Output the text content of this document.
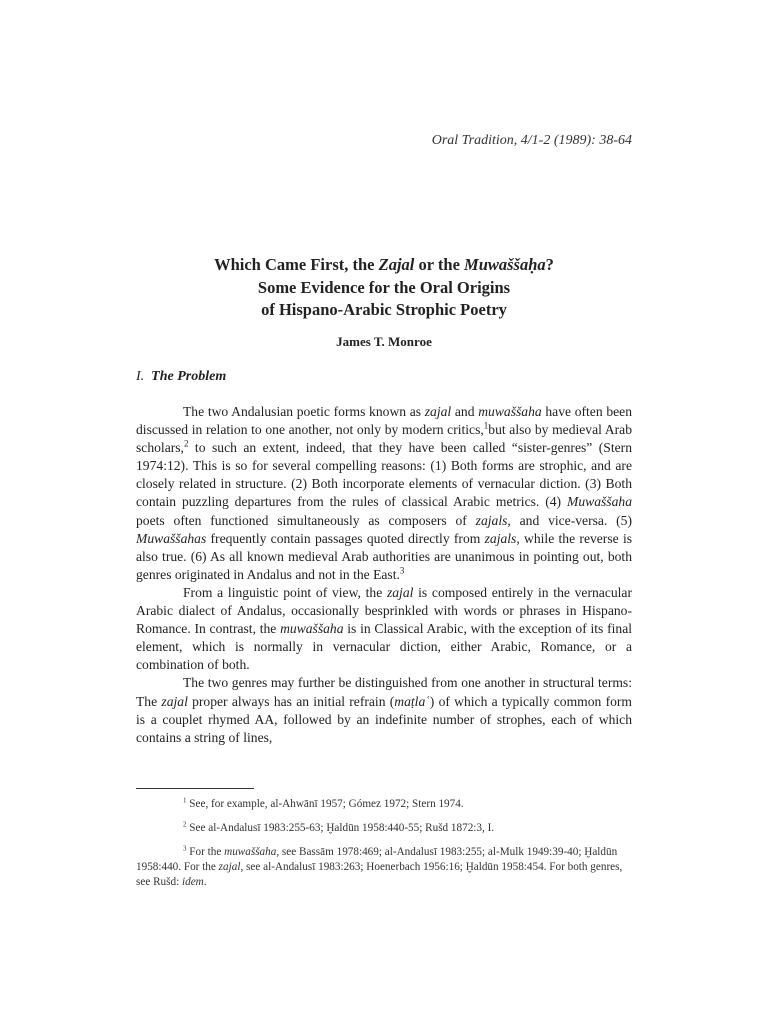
Oral Tradition, 4/1-2 (1989): 38-64
Which Came First, the Zajal or the Muwaššaḥa?
Some Evidence for the Oral Origins
of Hispano-Arabic Strophic Poetry
James T. Monroe
I. The Problem

The two Andalusian poetic forms known as zajal and muwaššaha have often been discussed in relation to one another, not only by modern critics,$^1$but also by medieval Arab scholars,$^2$ to such an extent, indeed, that they have been called “sister-genres” (Stern 1974:12). This is so for several compelling reasons: (1) Both forms are strophic, and are closely related in structure. (2) Both incorporate elements of vernacular diction. (3) Both contain puzzling departures from the rules of classical Arabic metrics. (4) Muwaššaha poets often functioned simultaneously as composers of zajals, and vice-versa. (5) Muwaššahas frequently contain passages quoted directly from zajals, while the reverse is also true. (6) As all known medieval Arab authorities are unanimous in pointing out, both genres originated in Andalus and not in the East.$^3$

From a linguistic point of view, the zajal is composed entirely in the vernacular Arabic dialect of Andalus, occasionally besprinkled with words or phrases in Hispano-Romance. In contrast, the muwaššaha is in Classical Arabic, with the exception of its final element, which is normally in vernacular diction, either Arabic, Romance, or a combination of both.

The two genres may further be distinguished from one another in structural terms: The zajal proper always has an initial refrain (maṭlaʿ) of which a typically common form is a couplet rhymed AA, followed by an indefinite number of strophes, each of which contains a string of lines,

$^1$ See, for example, al-Ahwānī 1957; Gómez 1972; Stern 1974.

$^2$ See al-Andalusī 1983:255-63; Ḫaldūn 1958:440-55; Rušd 1872:3, I.

$^3$ For the muwaššaha, see Bassām 1978:469; al-Andalusī 1983:255; al-Mulk 1949:39-40; Ḫaldūn 1958:440. For the zajal, see al-Andalusī 1983:263; Hoenerbach 1956:16; Ḫaldūn 1958:454. For both genres, see Rušd: idem.
